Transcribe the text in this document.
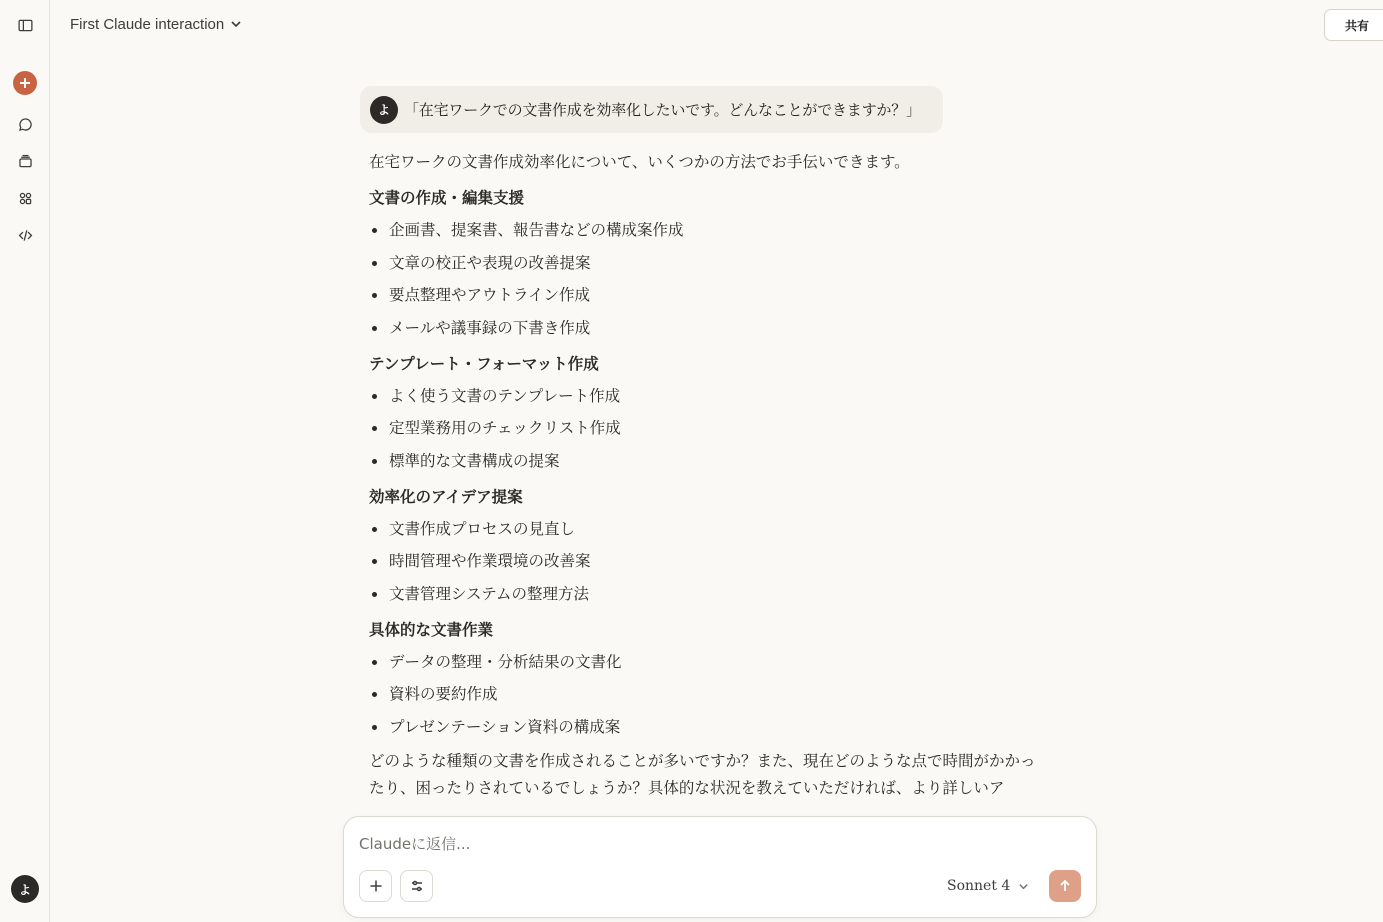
よ
First Claude interaction	共有
よ 「在宅ワークでの文書作成を効率化したいです。どんなことができますか？」

在宅ワークの文書作成効率化について、いくつかの方法でお手伝いできます。

文書の作成・編集支援
企画書、提案書、報告書などの構成案作成
文章の校正や表現の改善提案
要点整理やアウトライン作成
メールや議事録の下書き作成
テンプレート・フォーマット作成
よく使う文書のテンプレート作成
定型業務用のチェックリスト作成
標準的な文書構成の提案
効率化のアイデア提案
文書作成プロセスの見直し
時間管理や作業環境の改善案
文書管理システムの整理方法
具体的な文書作業
データの整理・分析結果の文書化
資料の要約作成
プレゼンテーション資料の構成案

どのような種類の文書を作成されることが多いですか？また、現在どのような点で時間がかかったり、困ったりされているでしょうか？具体的な状況を教えていただければ、より詳しいア

Claudeに返信...
Sonnet 4
